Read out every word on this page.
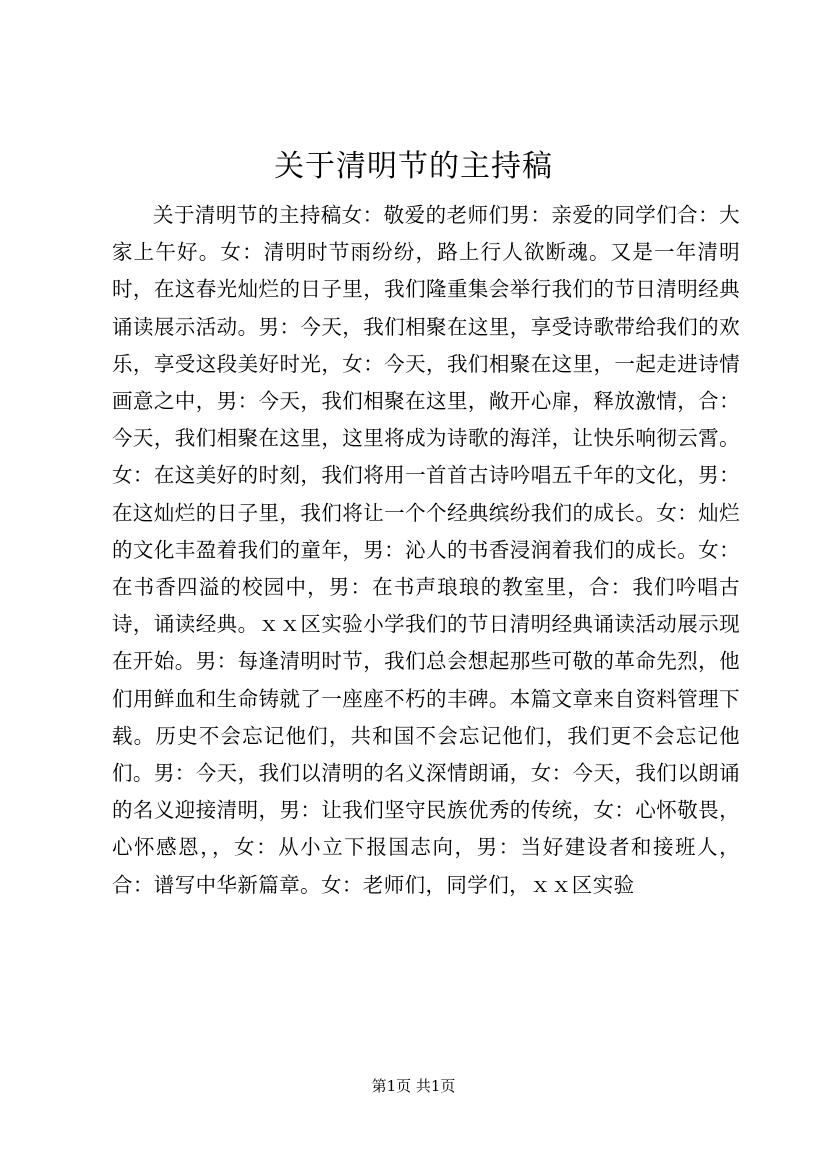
关于清明节的主持稿

关于清明节的主持稿女：敬爱的老师们男：亲爱的同学们合：大家上午好。女：清明时节雨纷纷，路上行人欲断魂。又是一年清明时，在这春光灿烂的日子里，我们隆重集会举行我们的节日清明经典诵读展示活动。男：今天，我们相聚在这里，享受诗歌带给我们的欢乐，享受这段美好时光，女：今天，我们相聚在这里，一起走进诗情画意之中，男：今天，我们相聚在这里，敞开心扉，释放激情，合：今天，我们相聚在这里，这里将成为诗歌的海洋，让快乐响彻云霄。女：在这美好的时刻，我们将用一首首古诗吟唱五千年的文化，男：在这灿烂的日子里，我们将让一个个经典缤纷我们的成长。女：灿烂的文化丰盈着我们的童年，男：沁人的书香浸润着我们的成长。女：在书香四溢的校园中，男：在书声琅琅的教室里，合：我们吟唱古诗，诵读经典。ｘｘ区实验小学我们的节日清明经典诵读活动展示现在开始。男：每逢清明时节，我们总会想起那些可敬的革命先烈，他们用鲜血和生命铸就了一座座不朽的丰碑。本篇文章来自资料管理下载。历史不会忘记他们，共和国不会忘记他们，我们更不会忘记他们。男：今天，我们以清明的名义深情朗诵，女：今天，我们以朗诵的名义迎接清明，男：让我们坚守民族优秀的传统，女：心怀敬畏，心怀感恩，，女：从小立下报国志向，男：当好建设者和接班人，合：谱写中华新篇章。女：老师们，同学们，ｘｘ区实验

第1页 共1页
